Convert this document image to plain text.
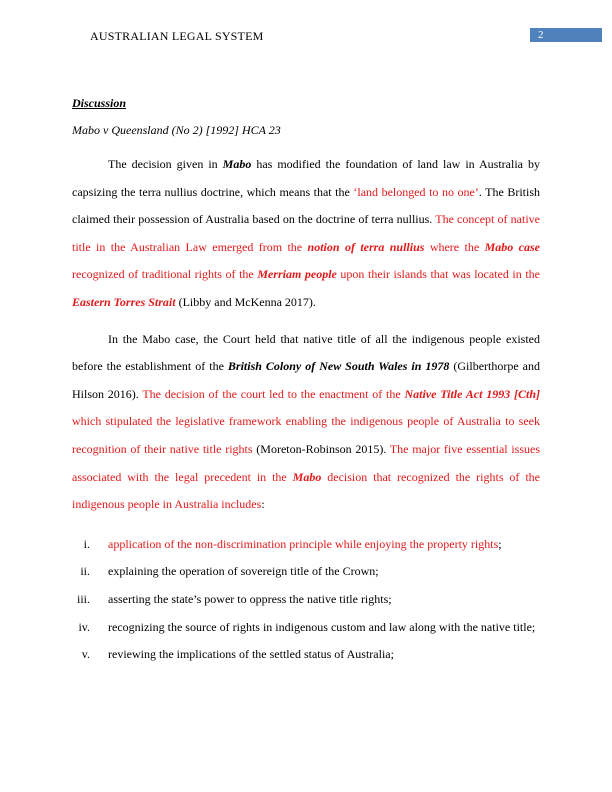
AUSTRALIAN LEGAL SYSTEM	2
Discussion
Mabo v Queensland (No 2) [1992] HCA 23

The decision given in Mabo has modified the foundation of land law in Australia by capsizing the terra nullius doctrine, which means that the ‘land belonged to no one’. The British claimed their possession of Australia based on the doctrine of terra nullius. The concept of native title in the Australian Law emerged from the notion of terra nullius where the Mabo case recognized of traditional rights of the Merriam people upon their islands that was located in the Eastern Torres Strait (Libby and McKenna 2017).

In the Mabo case, the Court held that native title of all the indigenous people existed before the establishment of the British Colony of New South Wales in 1978 (Gilberthorpe and Hilson 2016). The decision of the court led to the enactment of the Native Title Act 1993 [Cth] which stipulated the legislative framework enabling the indigenous people of Australia to seek recognition of their native title rights (Moreton-Robinson 2015). The major five essential issues associated with the legal precedent in the Mabo decision that recognized the rights of the indigenous people in Australia includes:

i. application of the non-discrimination principle while enjoying the property rights;
ii. explaining the operation of sovereign title of the Crown;
iii. asserting the state’s power to oppress the native title rights;
iv. recognizing the source of rights in indigenous custom and law along with the native title;
v. reviewing the implications of the settled status of Australia;
